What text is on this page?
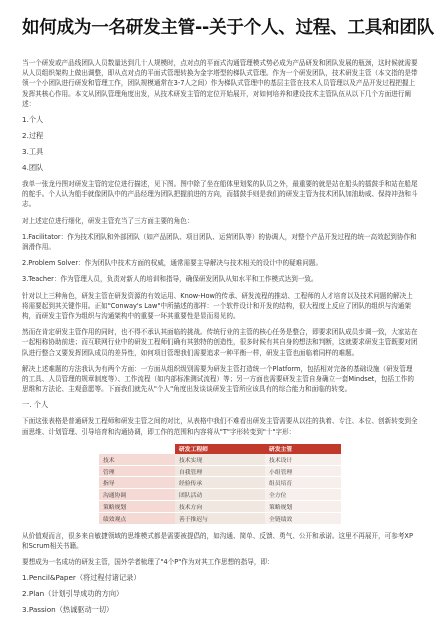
如何成为一名研发主管--关于个人、过程、工具和团队

当一个研发或产品线团队人员数量达到几十人规模时，点对点的平面式沟通管理模式势必成为产品研发和团队发展的瓶颈，这时候就需要从人员组织架构上做出调整，即从点对点的平面式管理转换为金字塔型的梯队式管理。作为一个研发团队，技术研发主管（本文指的是带领一个小团队进行研发和管理工作，团队规模通常在3-7人之间）作为梯队式管理中的基层主管在技术人员管理以及产品开发过程把握上发挥其核心作用。本文从团队管理角度出发，从技术研发主管的定位开始展开，对如何培养和建设技术主管队伍从以下几个方面进行阐述：

1.个人

2.过程

3.工具

4.团队

我单一张龙丹图对研发主管的定位进行描述，见下图。图中除了坐在船体里划桨的队员之外，最重要的就是站在船头的擂鼓手和站在船尾的舵手。个人认为船手就像团队中的产品经理为团队把握前进的方向，而擂鼓手则是我们的研发主管为技术团队加油助威、保持冲劲和斗志。

对上述定位进行细化，研发主管充当了三方面主要的角色：

1.Facilitator：作为技术团队和外部团队（如产品团队、项目团队、运营团队等）的协调人，对整个产品开发过程的统一高效起到协作和润滑作用。

2.Problem Solver：作为团队中技术方面的权威，通常需要主导解决与技术相关的设计中的疑难问题。

3.Teacher：作为管理人员，负责对新人的培训和指导，确保研发团队从知水平和工作模式达到一致。

针对以上三种角色，研发主管在研发资源的有效运用、Know-How的传承、研发流程的推动、工程师的人才培育以及技术问题的解决上将需要起到其关键作用。正如"Conway's Law"中所描述的那样：一个软件设计和开发的结构，很大程度上反应了团队的组织与沟通架构，而研发主管作为组织与沟通架构中的重要一环其重要性是显而易见的。

然而在肯定研发主管作用的同时，也不得不承认其面临的挑战。传统行业的主管的核心任务是整合，即要求团队成员步调一致，大家站在一起相称协助前进；而互联网行业中的研发工程师们确有其独特的创造性，很多时候有其自身的想法和判断，这就要求研发主管既要对团队进行整合又要发挥团队成员的差异性，如何项目管理我们需要追求一种平衡一样，研发主管也面临着同样的难题。

解决上述难题的方法我认为有两个方面：一方面从组织级别需要为研发主管打造统一个Platform，包括相对完备的基础设施（研发管理的工具、人员管理的规章制度等）、工作流程（如内部标准测试流程）等；另一方面也需要研发主管自身确立一套Mindset，包括工作的思维和方法论、主观意愿等。下面我们就先从"个人"角度出发谈谈研发主管所应该具有的综合能力和面临的转变。

一. 个人

下面这张表格是普通研发工程师和研发主管之间的对比，从表格中我们不难看出研发主管需要从以往的执着、专注、本位、创新转变到全面思维、计划管理、引导培育和沟通协调，即工作的范围和内容将从"T"字形转变到"十"字形：

	研发工程师	研发主管
技术	技术实现	技术设计
管理	自我管理	小组管理
指导	经验传承	组员培育
沟通协调	团队活动	全方位
策略规划	技术方向	策略规划
绩效观点	善于推迟与	全链绩效

从价值观而言，很多来自敏捷领域的思维模式都是需要被提倡的，如沟通、简单、反馈、勇气、公开和承诺。这里不再展开，可参考XP和Scrum相关书籍。

要想成为一名成功的研发主管，国外学者梳理了"4个P"作为对其工作思想的指导，即：

1.Pencil&Paper（将过程付诸记录）

2.Plan（计划引导成功的方向）

3.Passion（热诚驱动一切）
